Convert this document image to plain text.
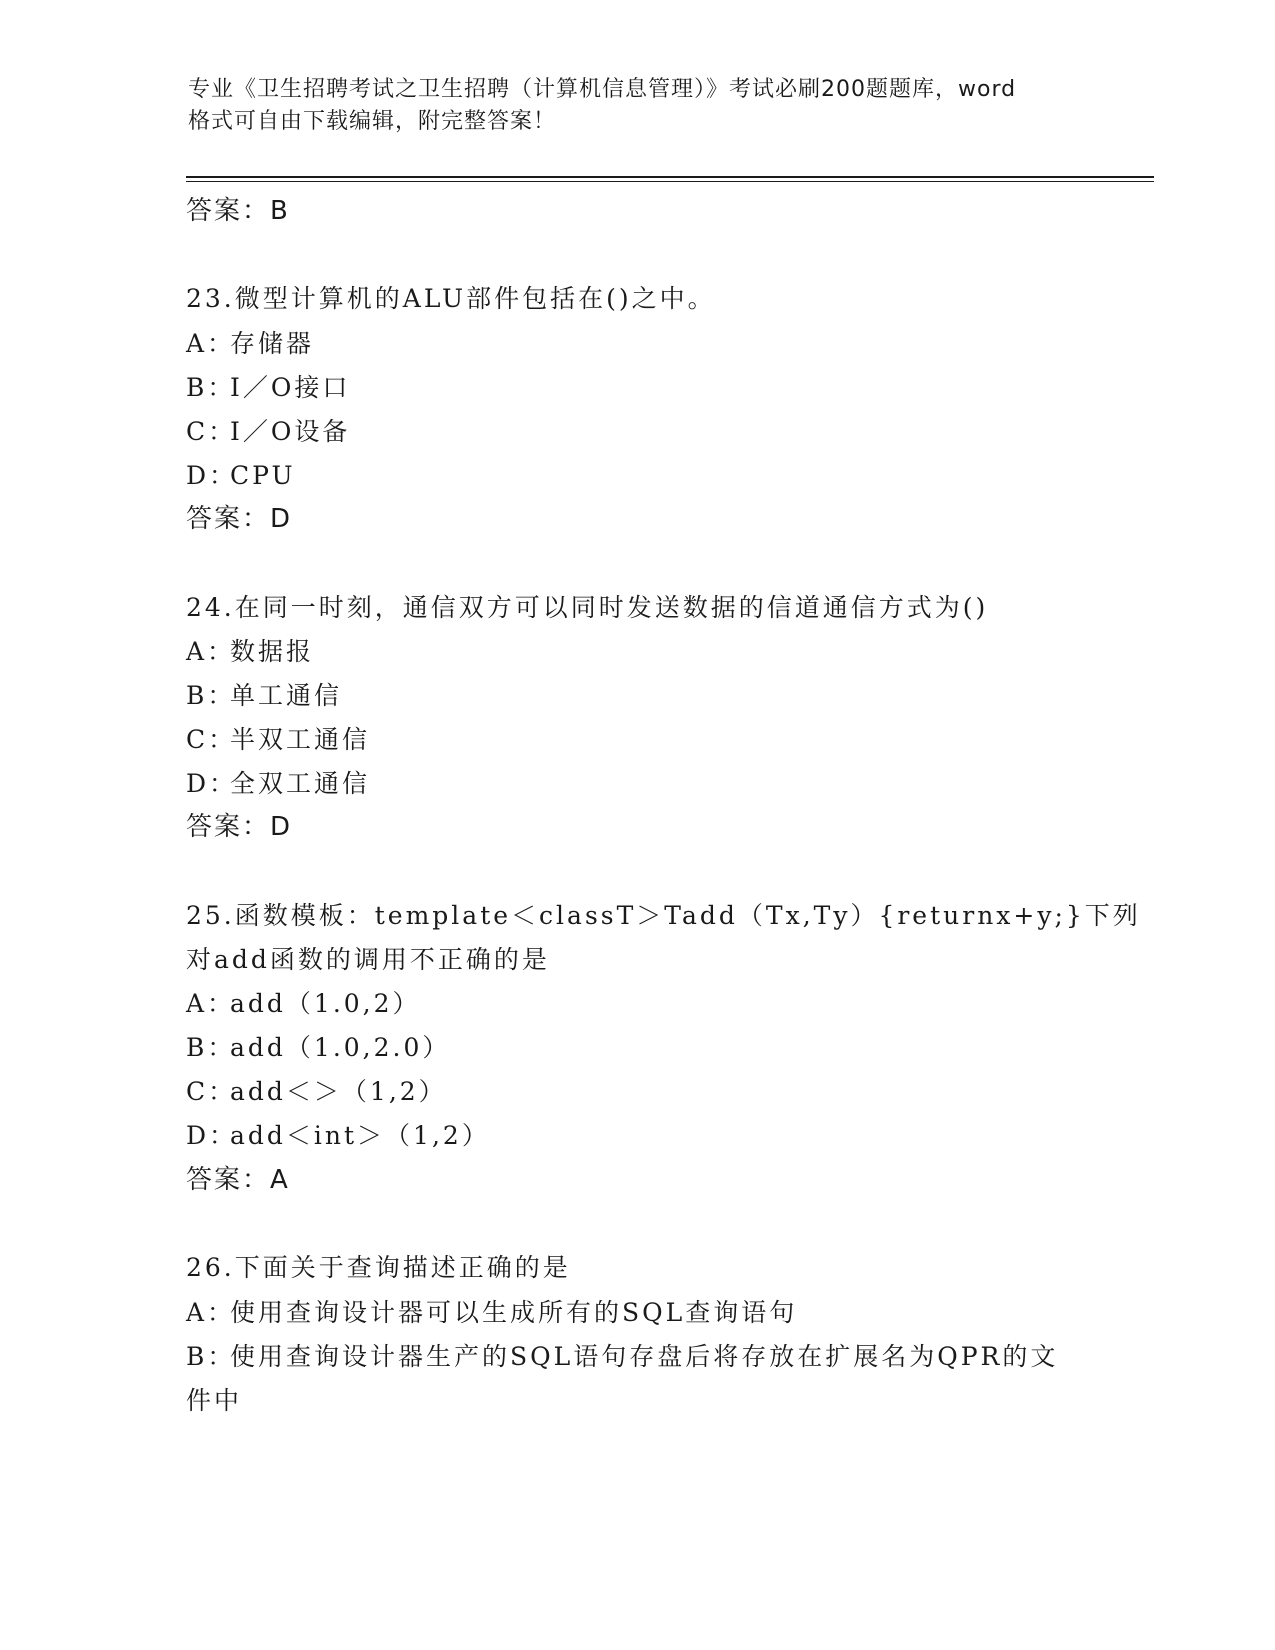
专业《卫生招聘考试之卫生招聘（计算机信息管理）》考试必刷200题题库，word
格式可自由下载编辑，附完整答案！
答案：B
23.微型计算机的ALU部件包括在()之中。
A：存储器
B：I／O接口
C：I／O设备
D：CPU
答案：D
24.在同一时刻，通信双方可以同时发送数据的信道通信方式为()
A：数据报
B：单工通信
C：半双工通信
D：全双工通信
答案：D
25.函数模板：template＜classT＞Tadd（Tx,Ty）{returnx+y;}下列
对add函数的调用不正确的是
A：add（1.0,2）
B：add（1.0,2.0）
C：add＜＞（1,2）
D：add＜int＞（1,2）
答案：A
26.下面关于查询描述正确的是
A：使用查询设计器可以生成所有的SQL查询语句
B：使用查询设计器生产的SQL语句存盘后将存放在扩展名为QPR的文
件中
